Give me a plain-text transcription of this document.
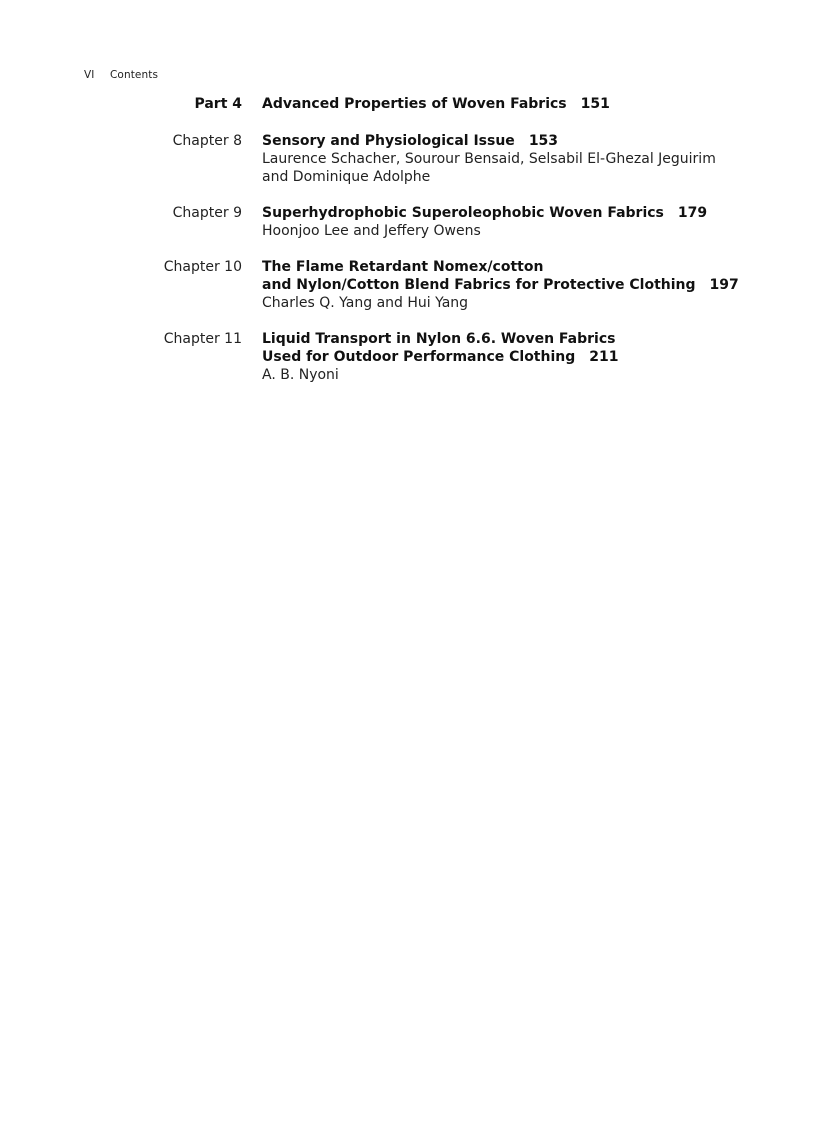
VI Contents
Part 4 Advanced Properties of Woven Fabrics 151
Chapter 8 Sensory and Physiological Issue 153
Laurence Schacher, Sourour Bensaid, Selsabil El-Ghezal Jeguirim
and Dominique Adolphe
Chapter 9 Superhydrophobic Superoleophobic Woven Fabrics 179
Hoonjoo Lee and Jeffery Owens
Chapter 10 The Flame Retardant Nomex/cotton
and Nylon/Cotton Blend Fabrics for Protective Clothing 197
Charles Q. Yang and Hui Yang
Chapter 11 Liquid Transport in Nylon 6.6. Woven Fabrics
Used for Outdoor Performance Clothing 211
A. B. Nyoni
